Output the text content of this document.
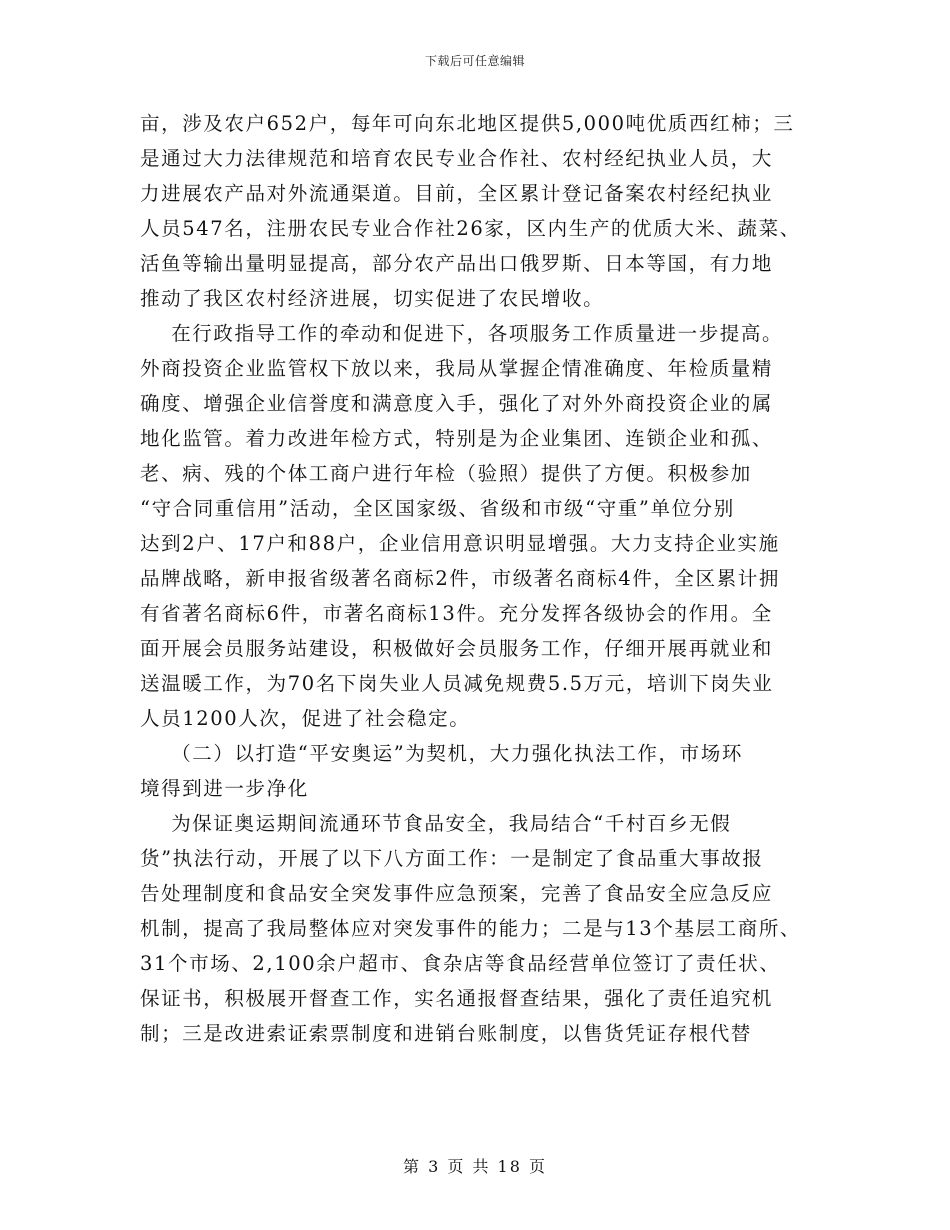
下载后可任意编辑
亩，涉及农户652户，每年可向东北地区提供5,000吨优质西红柿；三
是通过大力法律规范和培育农民专业合作社、农村经纪执业人员，大
力进展农产品对外流通渠道。目前，全区累计登记备案农村经纪执业
人员547名，注册农民专业合作社26家，区内生产的优质大米、蔬菜、
活鱼等输出量明显提高，部分农产品出口俄罗斯、日本等国，有力地
推动了我区农村经济进展，切实促进了农民增收。
在行政指导工作的牵动和促进下，各项服务工作质量进一步提高。
外商投资企业监管权下放以来，我局从掌握企情准确度、年检质量精
确度、增强企业信誉度和满意度入手，强化了对外外商投资企业的属
地化监管。着力改进年检方式，特别是为企业集团、连锁企业和孤、
老、病、残的个体工商户进行年检（验照）提供了方便。积极参加
“守合同重信用”活动，全区国家级、省级和市级“守重”单位分别
达到2户、17户和88户，企业信用意识明显增强。大力支持企业实施
品牌战略，新申报省级著名商标2件，市级著名商标4件，全区累计拥
有省著名商标6件，市著名商标13件。充分发挥各级协会的作用。全
面开展会员服务站建设，积极做好会员服务工作，仔细开展再就业和
送温暖工作，为70名下岗失业人员减免规费5.5万元，培训下岗失业
人员1200人次，促进了社会稳定。
（二）以打造“平安奥运”为契机，大力强化执法工作，市场环
境得到进一步净化
为保证奥运期间流通环节食品安全，我局结合“千村百乡无假
货”执法行动，开展了以下八方面工作：一是制定了食品重大事故报
告处理制度和食品安全突发事件应急预案，完善了食品安全应急反应
机制，提高了我局整体应对突发事件的能力；二是与13个基层工商所、
31个市场、2,100余户超市、食杂店等食品经营单位签订了责任状、
保证书，积极展开督查工作，实名通报督查结果，强化了责任追究机
制；三是改进索证索票制度和进销台账制度，以售货凭证存根代替
第 3 页 共 18 页
